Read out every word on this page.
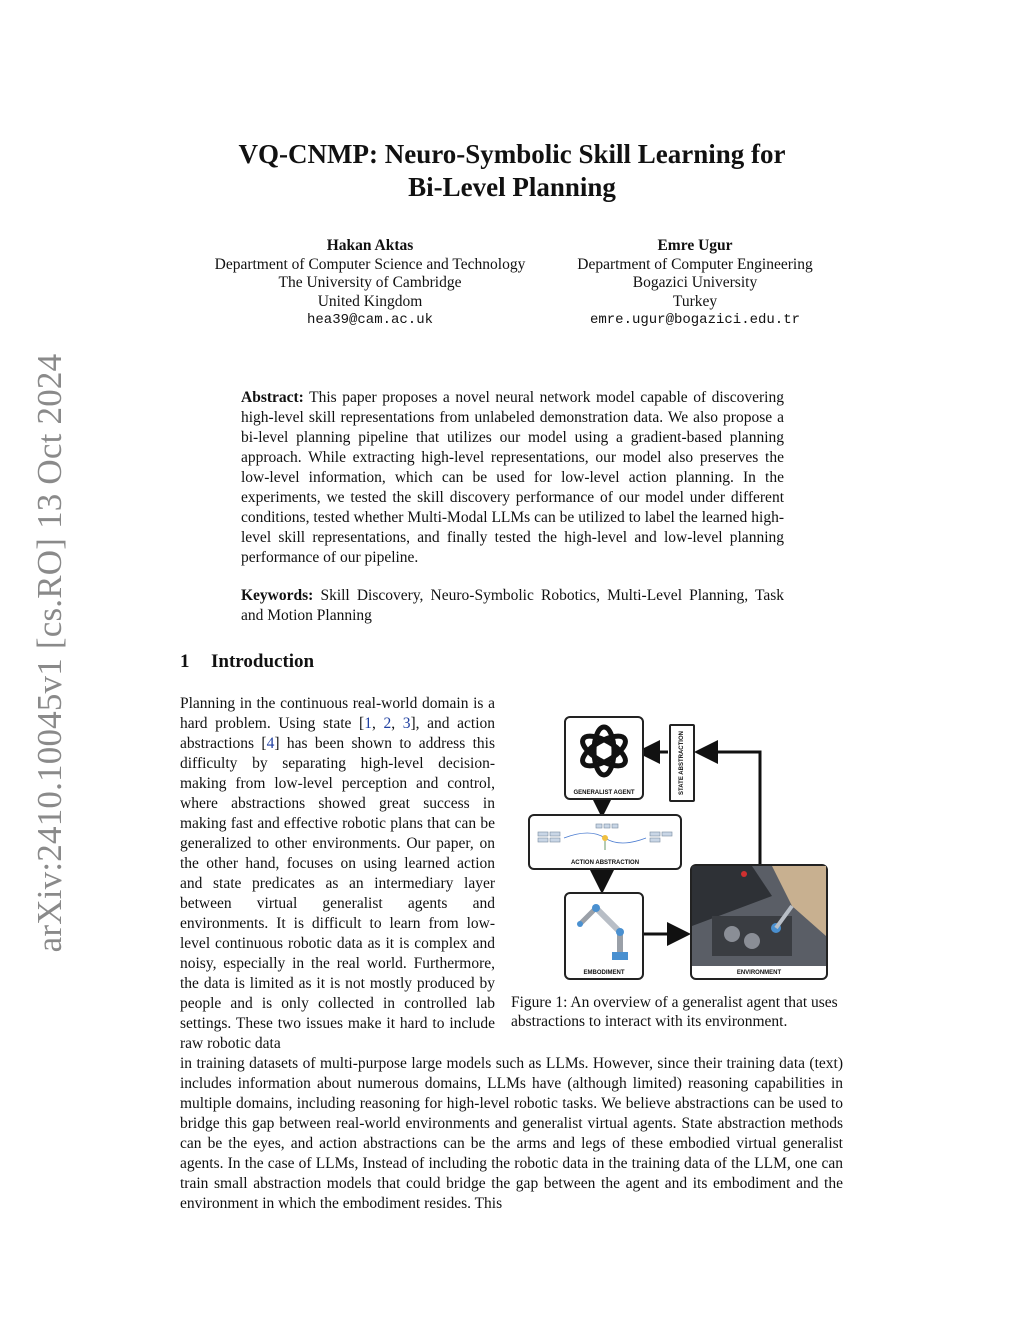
arXiv:2410.10045v1 [cs.RO] 13 Oct 2024
VQ-CNMP: Neuro-Symbolic Skill Learning for
Bi-Level Planning
Hakan Aktas
Department of Computer Science and Technology
The University of Cambridge
United Kingdom
hea39@cam.ac.uk
Emre Ugur
Department of Computer Engineering
Bogazici University
Turkey
emre.ugur@bogazici.edu.tr
Abstract: This paper proposes a novel neural network model capable of discovering high-level skill representations from unlabeled demonstration data. We also propose a bi-level planning pipeline that utilizes our model using a gradient-based planning approach. While extracting high-level representations, our model also preserves the low-level information, which can be used for low-level action planning. In the experiments, we tested the skill discovery performance of our model under different conditions, tested whether Multi-Modal LLMs can be utilized to label the learned high-level skill representations, and finally tested the high-level and low-level planning performance of our pipeline.
Keywords: Skill Discovery, Neuro-Symbolic Robotics, Multi-Level Planning, Task and Motion Planning
1 Introduction
Planning in the continuous real-world domain is a hard problem. Using state [1, 2, 3], and action abstractions [4] has been shown to address this difficulty by separating high-level decision-making from low-level perception and control, where abstractions showed great success in making fast and effective robotic plans that can be generalized to other environments. Our paper, on the other hand, focuses on using learned action and state predicates as an intermediary layer between virtual generalist agents and environments. It is difficult to learn from low-level continuous robotic data as it is complex and noisy, especially in the real world. Furthermore, the data is limited as it is not mostly produced by people and is only collected in controlled lab settings. These two issues make it hard to include raw robotic data
GENERALIST AGENT	STATE ABSTRACTION
ACTION ABSTRACTION
EMBODIMENT	ENVIRONMENT
Figure 1: An overview of a generalist agent that uses abstractions to interact with its environment.
in training datasets of multi-purpose large models such as LLMs. However, since their training data (text) includes information about numerous domains, LLMs have (although limited) reasoning capabilities in multiple domains, including reasoning for high-level robotic tasks. We believe abstractions can be used to bridge this gap between real-world environments and generalist virtual agents. State abstraction methods can be the eyes, and action abstractions can be the arms and legs of these embodied virtual generalist agents. In the case of LLMs, Instead of including the robotic data in the training data of the LLM, one can train small abstraction models that could bridge the gap between the agent and its embodiment and the environment in which the embodiment resides. This
